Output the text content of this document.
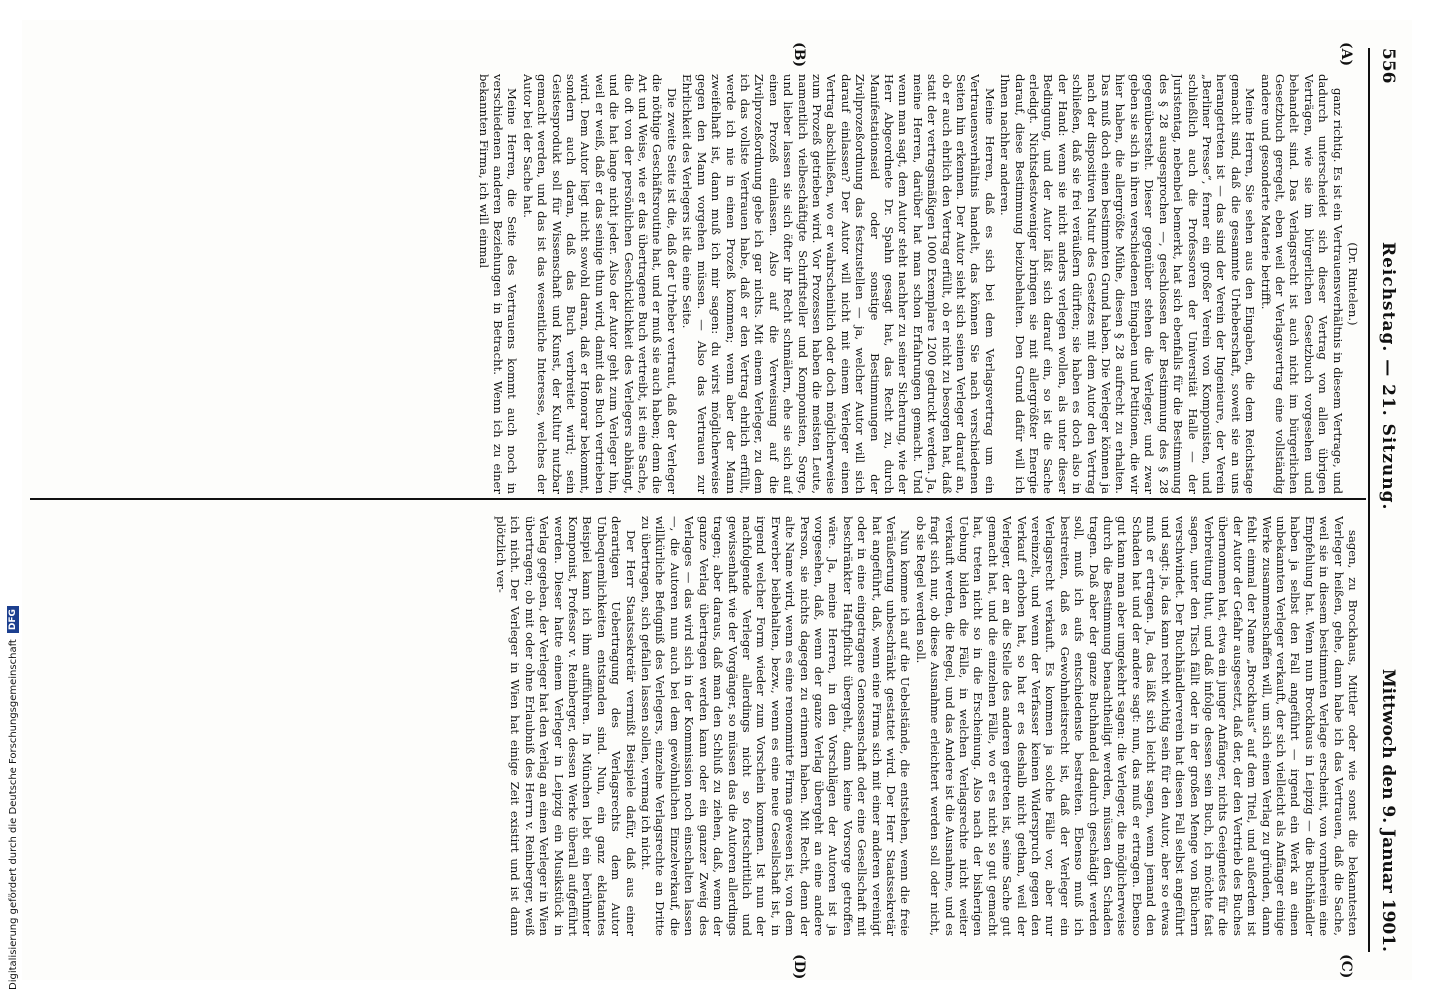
556
Reichstag. — 21. Sitzung.
Mittwoch den 9. Januar 1901.
(A)
(B)
(C)
(D)

(Dr. Rintelen.)

ganz richtig. Es ist ein Vertrauensverhältnis in diesem Vertrage, und dadurch unterscheidet sich dieser Vertrag von allen übrigen Verträgen, wie sie im bürgerlichen Gesetzbuch vorgesehen und behandelt sind. Das Verlagsrecht ist auch nicht im bürgerlichen Gesetzbuch geregelt, eben weil der Verlagsvertrag eine vollständig andere und gesonderte Materie betrifft.

Meine Herren, Sie sehen aus den Eingaben, die dem Reichstage gemacht sind, daß die gesammte Urheberschaft, soweit sie an uns herangetreten ist — das sind der Verein der Ingenieure, der Verein „Berliner Presse“, ferner ein großer Verein von Komponisten, und schließlich auch die Professoren der Universität Halle — der Juristentag, nebenbei bemerkt, hat sich ebenfalls für die Bestimmung des § 28 ausgesprochen —, geschlossen der Bestimmung des § 28 gegenübersteht. Dieser gegenüber stehen die Verleger, und zwar geben sie sich in ihren verschiedenen Eingaben und Petitionen, die wir hier haben, die allergrößte Mühe, diesen § 28 aufrecht zu erhalten. Das muß doch einen bestimmten Grund haben. Die Verleger können ja nach der dispositiven Natur des Gesetzes mit dem Autor den Vertrag schließen, daß sie frei veräußern dürften; sie haben es doch also in der Hand: wenn sie nicht anders verlegen wollen, als unter dieser Bedingung, und der Autor läßt sich darauf ein, so ist die Sache erledigt. Nichtsdestoweniger bringen sie mit allergrößter Energie darauf, diese Bestimmung beizubehalten. Den Grund dafür will ich Ihnen nachher anderen.

Meine Herren, daß es sich bei dem Verlagsvertrag um ein Vertrauensverhältnis handelt, das können Sie nach verschiedenen Seiten hin erkennen. Der Autor sieht sich seinen Verleger darauf an, ob er auch ehrlich den Vertrag erfüllt, ob er nicht zu besorgen hat, daß statt der vertragsmäßigen 1000 Exemplare 1200 gedruckt werden. Ja, meine Herren, darüber hat man schon Erfahrungen gemacht. Und wenn man sagt, dem Autor steht nachher zu seiner Sicherung, wie der Herr Abgeordnete Dr. Spahn gesagt hat, das Recht zu, durch Manifestationseid oder sonstige Bestimmungen der Zivilprozeßordnung das festzustellen — ja, welcher Autor will sich darauf einlassen? Der Autor will nicht mit einem Verleger einen Vertrag abschließen, wo er wahrscheinlich oder doch möglicherweise zum Prozeß getrieben wird. Vor Prozessen haben die meisten Leute, namentlich vielbeschäftigte Schriftsteller und Komponisten, Sorge, und lieber lassen sie sich öfter ihr Recht schmälern, ehe sie sich auf einen Prozeß einlassen. Also auf die Verweisung auf die Zivilprozeßordnung gebe ich gar nichts. Mit einem Verleger, zu dem ich das vollste Vertrauen habe, daß er den Vertrag ehrlich erfüllt, werde ich nie in einen Prozeß kommen; wenn aber der Mann zweifelhaft ist, dann muß ich mir sagen: du wirst möglicherweise gegen den Mann vorgehen müssen. — Also das Vertrauen zur Ehrlichkeit des Verlegers ist die eine Seite.

Die zweite Seite ist die, daß der Urheber vertraut, daß der Verleger die nöthige Geschäftsroutine hat, und er muß sie auch haben; denn die Art und Weise, wie er das übertragene Buch vertreibt, ist eine Sache, die oft von der persönlichen Geschicklichkeit des Verlegers abhängt, und die hat lange nicht jeder. Also der Autor geht zum Verleger hin, weil er weiß, daß er das seinige thun wird, damit das Buch vertrieben wird. Dem Autor liegt nicht sowohl daran, daß er Honorar bekommt, sondern auch daran, daß das Buch verbreitet wird; sein Geistesprodukt soll für Wissenschaft und Kunst, der Kultur nutzbar gemacht werden, und das ist das wesentliche Interesse, welches der Autor bei der Sache hat.

Meine Herren, die Seite des Vertrauens kommt auch noch in verschiedenen anderen Beziehungen in Betracht. Wenn ich zu einer bekannten Firma, ich will einmal

sagen, zu Brockhaus, Mittler oder wie sonst die bekanntesten Verleger heißen, gehe, dann habe ich das Vertrauen, daß die Sache, weil sie in diesem bestimmten Verlage erscheint, von vornherein eine Empfehlung hat. Wenn nun Brockhaus in Leipzig — die Buchhändler haben ja selbst den Fall angeführt — irgend ein Werk an einen unbekannten Verleger verkauft, der sich vielleicht als Anfänger einige Werke zusammenschaffen will, um sich einen Verlag zu gründen, dann fehlt einmal der Name „Brockhaus“ auf dem Titel, und außerdem ist der Autor der Gefahr ausgesetzt, daß der, der den Vertrieb des Buches übernommen hat, etwa ein junger Anfänger, nichts Geeignetes für die Verbreitung thut, und daß infolge dessen sein Buch, ich möchte fast sagen, unter den Tisch fällt oder in der großen Menge von Büchern verschwindet. Der Buchhändlerverein hat diesen Fall selbst angeführt und sagt: ja, das kann recht wichtig sein für den Autor, aber so etwas muß er ertragen. Ja, das läßt sich leicht sagen, wenn jemand den Schaden hat und der andere sagt: nun, das muß er ertragen. Ebenso gut kann man aber umgekehrt sagen: die Verleger, die möglicherweise durch die Bestimmung benachtheiligt werden, müssen den Schaden tragen. Daß aber der ganze Buchhandel dadurch geschädigt werden soll, muß ich aufs entschiedenste bestreiten. Ebenso muß ich bestreiten, daß es Gewohnheitsrecht ist, daß der Verleger ein Verlagsrecht verkauft. Es kommen ja solche Fälle vor, aber nur vereinzelt, und wenn der Verfasser keinen Widerspruch gegen den Verkauf erhoben hat, so hat er es deshalb nicht gethan, weil der Verleger, der an die Stelle des anderen getreten ist, seine Sache gut gemacht hat, und die einzelnen Fälle, wo er es nicht so gut gemacht hat, treten nicht so in die Erscheinung. Also nach der bisherigen Uebung bilden die Fälle, in welchen Verlagsrechte nicht weiter verkauft werden, die Regel, und das Andere ist die Ausnahme, und es fragt sich nur, ob diese Ausnahme erleichtert werden soll oder nicht, ob sie Regel werden soll.

Nun komme ich auf die Uebelstände, die entstehen, wenn die freie Veräußerung unbeschränkt gestattet wird. Der Herr Staatssekretär hat angeführt, daß, wenn eine Firma sich mit einer anderen vereinigt oder in eine eingetragene Genossenschaft oder eine Gesellschaft mit beschränkter Haftpflicht übergeht, dann keine Vorsorge getroffen wäre. Ja, meine Herren, in den Vorschlägen der Autoren ist ja vorgesehen, daß, wenn der ganze Verlag übergeht an eine andere Person, sie nichts dagegen zu erinnern haben. Mit Recht, denn der alte Name wird, wenn es eine renommirte Firma gewesen ist, von dem Erwerber beibehalten, bezw., wenn es eine neue Gesellschaft ist, in irgend welcher Form wieder zum Vorschein kommen. Ist nun der nachfolgende Verleger allerdings nicht so fortschrittlich und gewissenhaft wie der Vorgänger, so müssen das die Autoren allerdings tragen; aber daraus, daß man den Schluß zu ziehen, daß, wenn der ganze Verlag übertragen werden kann oder ein ganzer Zweig des Verlages — das wird sich in der Kommission noch einschalten lassen —, die Autoren nun auch bei dem gewöhnlichen Einzelverkauf, die willkürliche Befugniß des Verlegers, einzelne Verlagsrechte an Dritte zu übertragen, sich gefallen lassen sollen, vermag ich nicht.

Der Herr Staatssekretär vermißt Beispiele dafür, daß aus einer derartigen Uebertragung des Verlagsrechts dem Autor Unbequemlichkeiten entstanden sind. Nun, ein ganz eklatantes Beispiel kann ich ihm aufführen. In München lebt ein berühmter Komponist, Professor v. Reinberger, dessen Werke überall aufgeführt werden. Dieser hatte einem Verleger in Leipzig ein Musikstück in Verlag gegeben, der Verleger hat den Verlag an einen Verleger in Wien übertragen; ob mit oder ohne Erlaubniß des Herrn v. Reinberger, weiß ich nicht. Der Verleger in Wien hat einige Zeit existirt und ist dann plötzlich ver-

Digitalisierung gefördert durch die Deutsche Forschungsgemeinschaft
DFG
